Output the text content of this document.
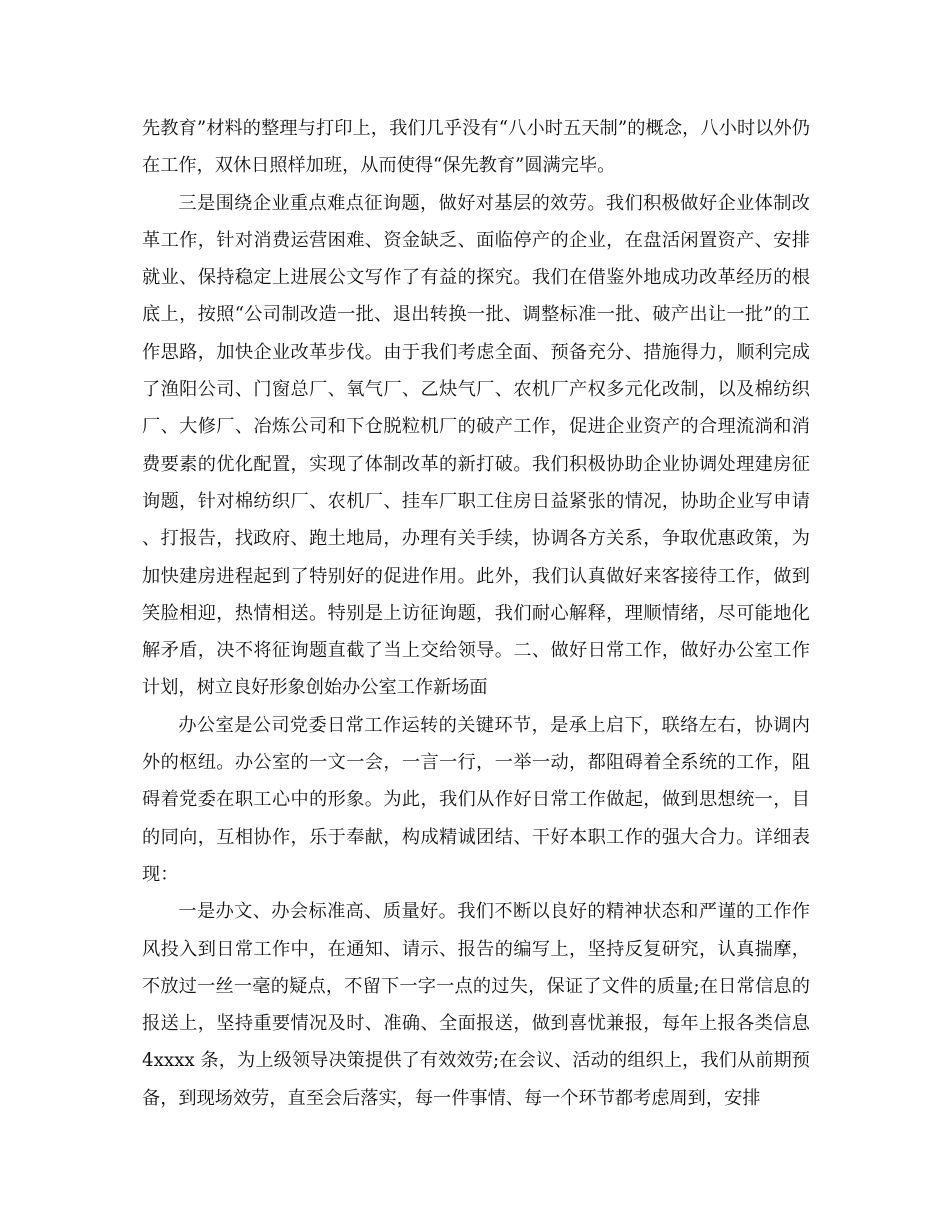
先教育”材料的整理与打印上，我们几乎没有“八小时五天制”的概念，八小时以外仍在工作，双休日照样加班，从而使得“保先教育”圆满完毕。

三是围绕企业重点难点征询题，做好对基层的效劳。我们积极做好企业体制改革工作，针对消费运营困难、资金缺乏、面临停产的企业，在盘活闲置资产、安排就业、保持稳定上进展公文写作了有益的探究。我们在借鉴外地成功改革经历的根底上，按照“公司制改造一批、退出转换一批、调整标准一批、破产出让一批”的工作思路，加快企业改革步伐。由于我们考虑全面、预备充分、措施得力，顺利完成了渔阳公司、门窗总厂、氧气厂、乙炔气厂、农机厂产权多元化改制，以及棉纺织厂、大修厂、冶炼公司和下仓脱粒机厂的破产工作，促进企业资产的合理流淌和消费要素的优化配置，实现了体制改革的新打破。我们积极协助企业协调处理建房征询题，针对棉纺织厂、农机厂、挂车厂职工住房日益紧张的情况，协助企业写申请、打报告，找政府、跑土地局，办理有关手续，协调各方关系，争取优惠政策，为加快建房进程起到了特别好的促进作用。此外，我们认真做好来客接待工作，做到笑脸相迎，热情相送。特别是上访征询题，我们耐心解释，理顺情绪，尽可能地化解矛盾，决不将征询题直截了当上交给领导。二、做好日常工作，做好办公室工作计划，树立良好形象创始办公室工作新场面

办公室是公司党委日常工作运转的关键环节，是承上启下，联络左右，协调内外的枢纽。办公室的一文一会，一言一行，一举一动，都阻碍着全系统的工作，阻碍着党委在职工心中的形象。为此，我们从作好日常工作做起，做到思想统一，目的同向，互相协作，乐于奉献，构成精诚团结、干好本职工作的强大合力。详细表现：

一是办文、办会标准高、质量好。我们不断以良好的精神状态和严谨的工作作风投入到日常工作中，在通知、请示、报告的编写上，坚持反复研究，认真揣摩，不放过一丝一毫的疑点，不留下一字一点的过失，保证了文件的质量;在日常信息的报送上，坚持重要情况及时、准确、全面报送，做到喜忧兼报，每年上报各类信息 4xxxx 条，为上级领导决策提供了有效效劳;在会议、活动的组织上，我们从前期预备，到现场效劳，直至会后落实，每一件事情、每一个环节都考虑周到，安排
